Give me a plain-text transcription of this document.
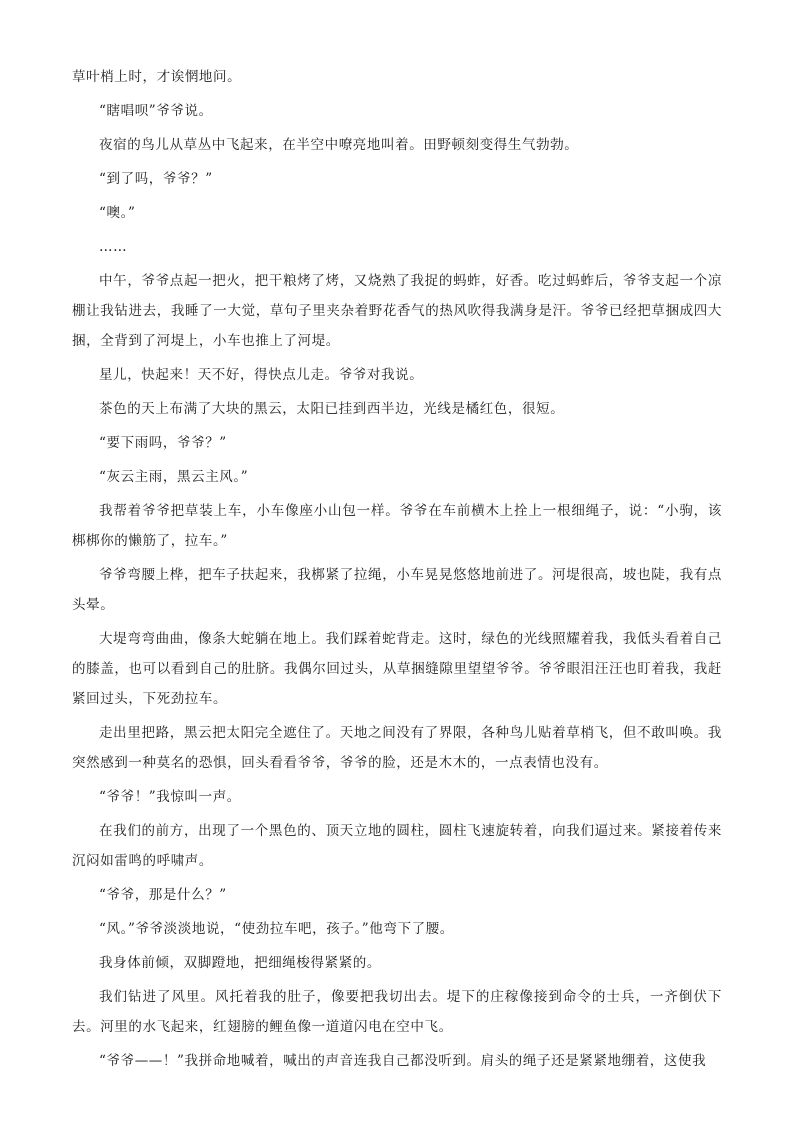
草叶梢上时，才诶惘地问。

“瞎唱呗”爷爷说。

夜宿的鸟儿从草丛中飞起来，在半空中嘹亮地叫着。田野顿刻变得生气勃勃。

“到了吗，爷爷？”

“噢。”

……

中午，爷爷点起一把火，把干粮烤了烤，又烧熟了我捉的蚂蚱，好香。吃过蚂蚱后，爷爷支起一个凉棚让我钻进去，我睡了一大觉，草句子里夹杂着野花香气的热风吹得我满身是汗。爷爷已经把草捆成四大捆，全背到了河堤上，小车也推上了河堤。

星儿，快起来！天不好，得快点儿走。爷爷对我说。

茶色的天上布满了大块的黑云，太阳已挂到西半边，光线是橘红色，很短。

“要下雨吗，爷爷？”

“灰云主雨，黑云主风。”

我帮着爷爷把草装上车，小车像座小山包一样。爷爷在车前横木上拴上一根细绳子，说：“小驹，该梆梆你的懒筋了，拉车。”

爷爷弯腰上桦，把车子扶起来，我梆紧了拉绳，小车晃晃悠悠地前进了。河堤很高，坡也陡，我有点头晕。

大堤弯弯曲曲，像条大蛇躺在地上。我们踩着蛇背走。这时，绿色的光线照耀着我，我低头看着自己的膝盖，也可以看到自己的肚脐。我偶尔回过头，从草捆缝隙里望望爷爷。爷爷眼泪汪汪也盯着我，我赶紧回过头，下死劲拉车。

走出里把路，黑云把太阳完全遮住了。天地之间没有了界限，各种鸟儿贴着草梢飞，但不敢叫唤。我突然感到一种莫名的恐惧，回头看看爷爷，爷爷的脸，还是木木的，一点表情也没有。

“爷爷！”我惊叫一声。

在我们的前方，出现了一个黑色的、顶天立地的圆柱，圆柱飞速旋转着，向我们逼过来。紧接着传来沉闷如雷鸣的呼啸声。

“爷爷，那是什么？”

“风。”爷爷淡淡地说，“使劲拉车吧，孩子。”他弯下了腰。

我身体前倾，双脚蹬地，把细绳梭得紧紧的。

我们钻进了风里。风托着我的肚子，像要把我切出去。堤下的庄稼像接到命令的士兵，一齐倒伏下去。河里的水飞起来，红翅膀的鲤鱼像一道道闪电在空中飞。

“爷爷——！”我拼命地喊着，喊出的声音连我自己都没听到。肩头的绳子还是紧紧地绷着，这使我
